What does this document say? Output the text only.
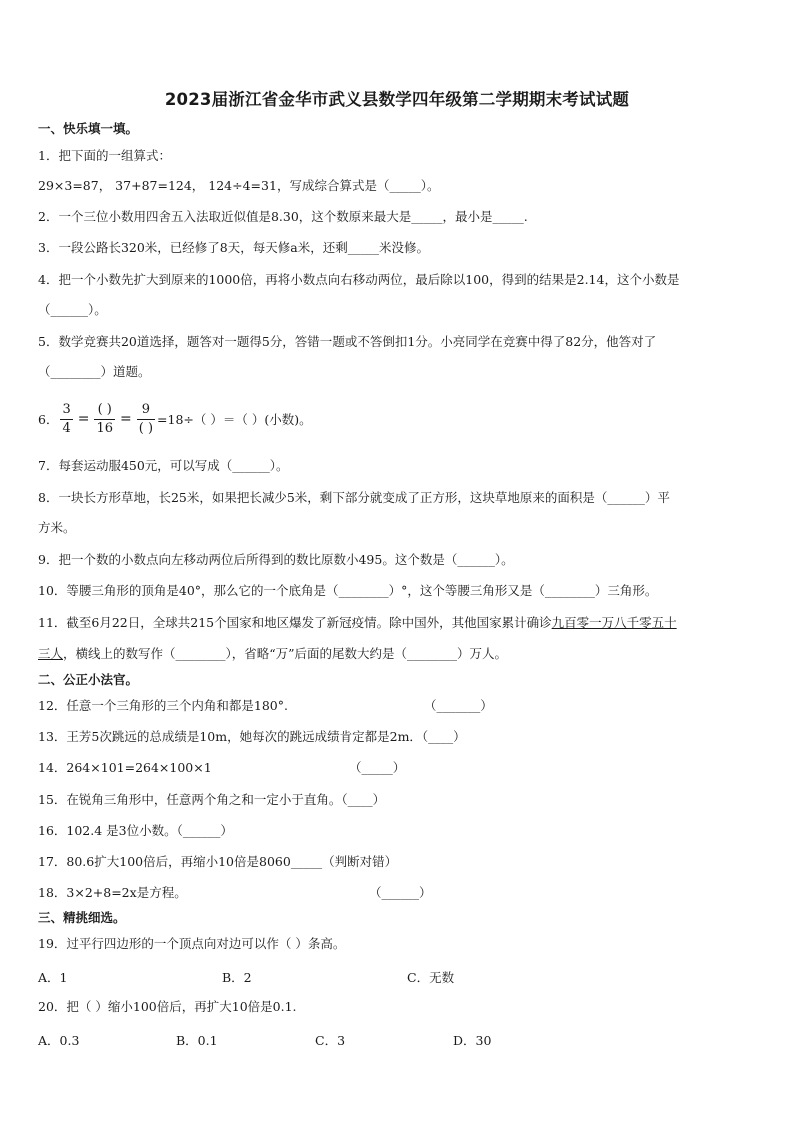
2023届浙江省金华市武义县数学四年级第二学期期末考试试题
一、快乐填一填。
1．把下面的一组算式：
29×3=87， 37+87=124， 124÷4=31，写成综合算式是（_____）。
2．一个三位小数用四舍五入法取近似值是8.30，这个数原来最大是_____，最小是_____.
3．一段公路长320米，已经修了8天，每天修a米，还剩_____米没修。
4．把一个小数先扩大到原来的1000倍，再将小数点向右移动两位，最后除以100，得到的结果是2.14，这个小数是
（______）。
5．数学竞赛共20道选择，题答对一题得5分，答错一题或不答倒扣1分。小亮同学在竞赛中得了82分，他答对了
（________）道题。
6． $\frac{3}{4} = \frac{( )}{16} = \frac{9}{( )} =18\div$（ ）＝（ ）(小数)。
7．每套运动服450元，可以写成（______）。
8．一块长方形草地，长25米，如果把长减少5米，剩下部分就变成了正方形，这块草地原来的面积是（______）平
方米。
9．把一个数的小数点向左移动两位后所得到的数比原数小495。这个数是（______）。
10．等腰三角形的顶角是40°，那么它的一个底角是（________）°，这个等腰三角形又是（________）三角形。
11．截至6月22日，全球共215个国家和地区爆发了新冠疫情。除中国外，其他国家累计确诊九百零一万八千零五十
三人，横线上的数写作（________），省略“万”后面的尾数大约是（________）万人。
二、公正小法官。
12．任意一个三角形的三个内角和都是180°.	（_______）
13．王芳5次跳远的总成绩是10m，她每次的跳远成绩肯定都是2m．（____）
14．264×101=264×100×1	（_____）
15．在锐角三角形中，任意两个角之和一定小于直角。（____）
16．102.4 是3位小数。（______）
17．80.6扩大100倍后，再缩小10倍是8060_____（判断对错）
18．3×2+8=2x是方程。	（______）
三、精挑细选。
19．过平行四边形的一个顶点向对边可以作（ ）条高。
A．1	B．2	C．无数
20．把（ ）缩小100倍后，再扩大10倍是0.1.
A．0.3	B．0.1	C．3	D．30
